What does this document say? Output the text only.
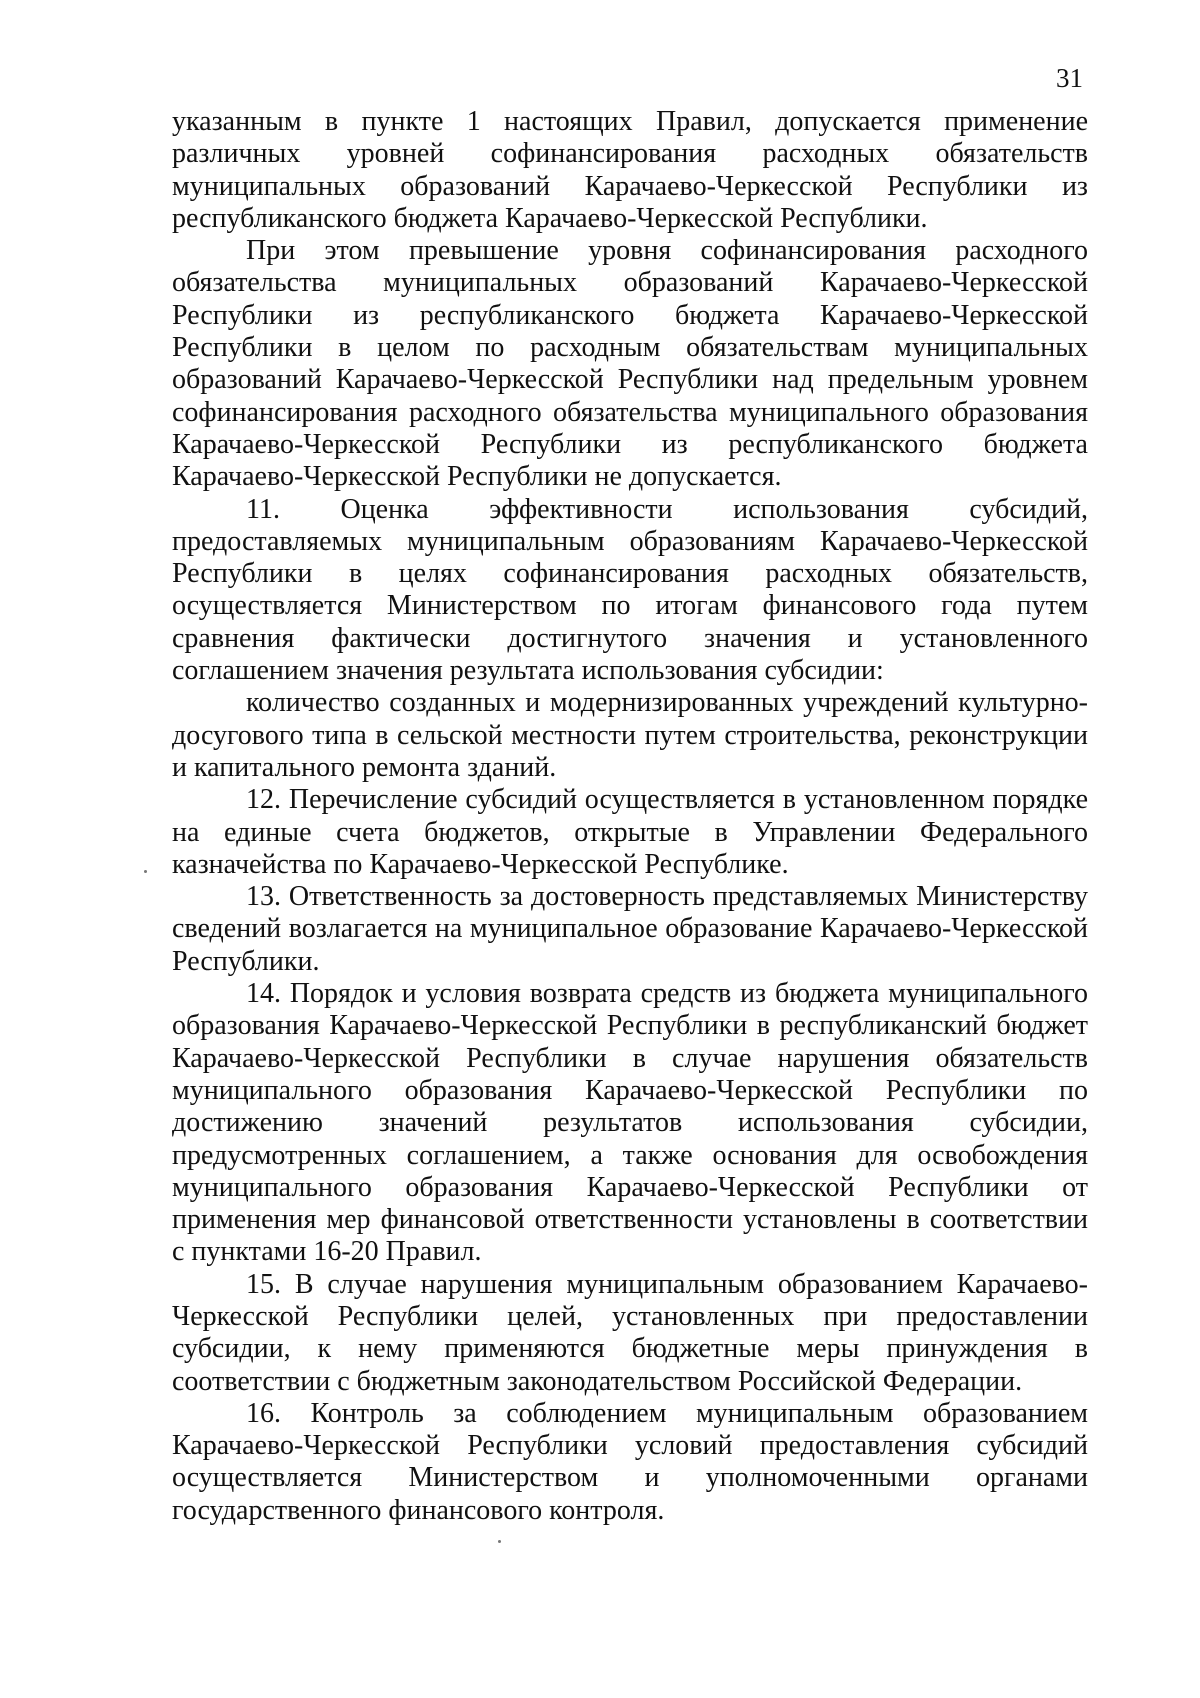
31

указанным в пункте 1 настоящих Правил, допускается применение различных уровней софинансирования расходных обязательств муниципальных образований Карачаево-Черкесской Республики из республиканского бюджета Карачаево-Черкесской Республики.

При этом превышение уровня софинансирования расходного обязательства муниципальных образований Карачаево-Черкесской Республики из республиканского бюджета Карачаево-Черкесской Республики в целом по расходным обязательствам муниципальных образований Карачаево-Черкесской Республики над предельным уровнем софинансирования расходного обязательства муниципального образования Карачаево-Черкесской Республики из республиканского бюджета Карачаево-Черкесской Республики не допускается.

11. Оценка эффективности использования субсидий, предоставляемых муниципальным образованиям Карачаево-Черкесской Республики в целях софинансирования расходных обязательств, осуществляется Министерством по итогам финансового года путем сравнения фактически достигнутого значения и установленного соглашением значения результата использования субсидии:

количество созданных и модернизированных учреждений культурно-досугового типа в сельской местности путем строительства, реконструкции и капитального ремонта зданий.

12. Перечисление субсидий осуществляется в установленном порядке на единые счета бюджетов, открытые в Управлении Федерального казначейства по Карачаево-Черкесской Республике.

13. Ответственность за достоверность представляемых Министерству сведений возлагается на муниципальное образование Карачаево-Черкесской Республики.

14. Порядок и условия возврата средств из бюджета муниципального образования Карачаево-Черкесской Республики в республиканский бюджет Карачаево-Черкесской Республики в случае нарушения обязательств муниципального образования Карачаево-Черкесской Республики по достижению значений результатов использования субсидии, предусмотренных соглашением, а также основания для освобождения муниципального образования Карачаево-Черкесской Республики от применения мер финансовой ответственности установлены в соответствии с пунктами 16-20 Правил.

15. В случае нарушения муниципальным образованием Карачаево-Черкесской Республики целей, установленных при предоставлении субсидии, к нему применяются бюджетные меры принуждения в соответствии с бюджетным законодательством Российской Федерации.

16. Контроль за соблюдением муниципальным образованием Карачаево-Черкесской Республики условий предоставления субсидий осуществляется Министерством и уполномоченными органами государственного финансового контроля.
